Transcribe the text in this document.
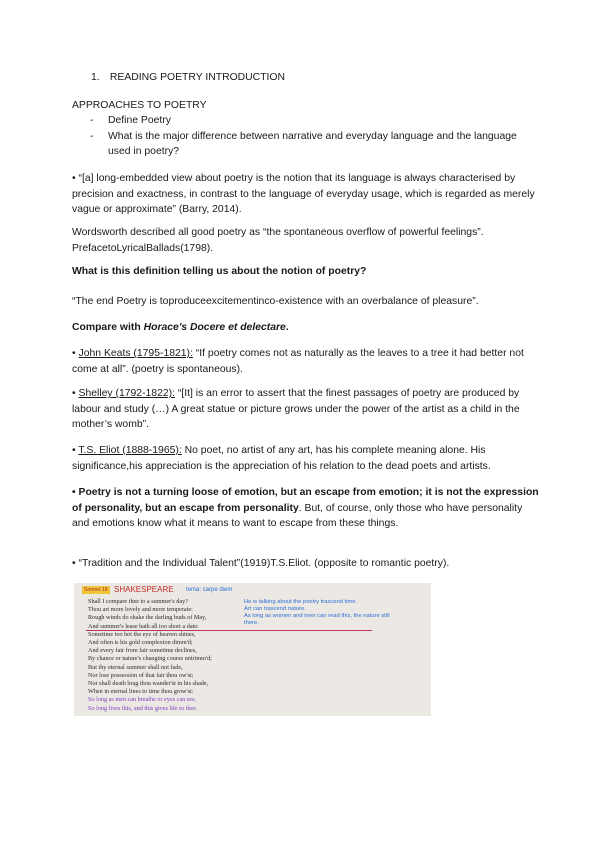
1. READING POETRY INTRODUCTION

APPROACHES TO POETRY

-	Define Poetry
-	What is the major difference between narrative and everyday language and the language used in poetry?

• “[a] long-embedded view about poetry is the notion that its language is always characterised by precision and exactness, in contrast to the language of everyday usage, which is regarded as merely vague or approximate” (Barry, 2014).

Wordsworth described all good poetry as “the spontaneous overflow of powerful feelings”. PrefacetoLyricalBallads(1798).

What is this definition telling us about the notion of poetry?

“The end Poetry is toproduceexcitementinco-existence with an overbalance of pleasure”.

Compare with Horace's Docere et delectare.

• John Keats (1795-1821): “If poetry comes not as naturally as the leaves to a tree it had better not come at all”. (poetry is spontaneous).

• Shelley (1792-1822): “[It] is an error to assert that the finest passages of poetry are produced by labour and study (…) A great statue or picture grows under the power of the artist as a child in the mother’s womb”.

• T.S. Eliot (1888-1965): No poet, no artist of any art, has his complete meaning alone. His significance,his appreciation is the appreciation of his relation to the dead poets and artists.

• Poetry is not a turning loose of emotion, but an escape from emotion; it is not the expression of personality, but an escape from personality. But, of course, only those who have personality and emotions know what it means to want to escape from these things.

• “Tradition and the Individual Talent”(1919)T.S.Eliot. (opposite to romantic poetry).

Sonnet 18 SHAKESPEARE tema: carpe diem
Shall I compare thee to a summer's day?
Thou art more lovely and more temperate:
Rough winds do shake the darling buds of May,
And summer's lease hath all too short a date:
Sometime too hot the eye of heaven shines,
And often is his gold complexion dimm'd;
And every fair from fair sometime declines,
By chance or nature's changing course untrimm'd;
But thy eternal summer shall not fade,
Nor lose possession of that fair thou ow'st;
Nor shall death brag thou wander'st in his shade,
When in eternal lines to time thou grow'st:
So long as men can breathe or eyes can see,
So long lives this, and this gives life to thee.
He is talking about the poetry trascend time.
Art can trascend nature.
As long as women and men can read this, the nature still there.
